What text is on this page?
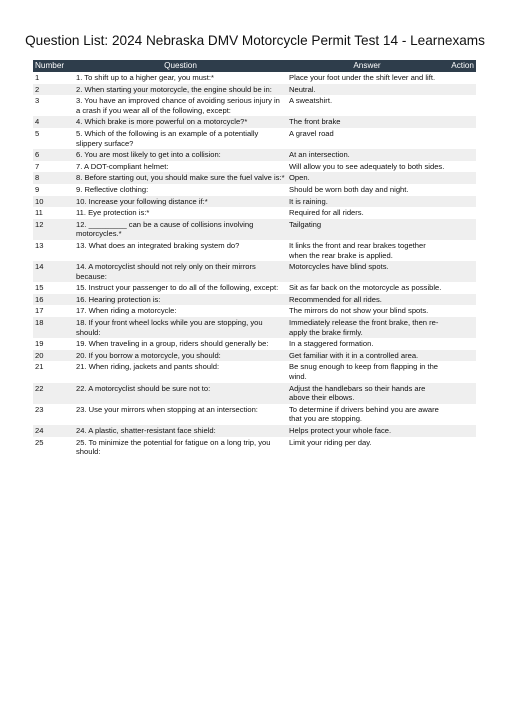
Question List: 2024 Nebraska DMV Motorcycle Permit Test 14 - Learnexams
Number	Question	Answer	Action
1	1. To shift up to a higher gear, you must:*	Place your foot under the shift lever and lift.	
2	2. When starting your motorcycle, the engine should be in:	Neutral.	
3	3. You have an improved chance of avoiding serious injury in a crash if you wear all of the following, except:	A sweatshirt.	
4	4. Which brake is more powerful on a motorcycle?*	The front brake	
5	5. Which of the following is an example of a potentially slippery surface?	A gravel road	
6	6. You are most likely to get into a collision:	At an intersection.	
7	7. A DOT-compliant helmet:	Will allow you to see adequately to both sides.	
8	8. Before starting out, you should make sure the fuel valve is:*	Open.	
9	9. Reflective clothing:	Should be worn both day and night.	
10	10. Increase your following distance if:*	It is raining.	
11	11. Eye protection is:*	Required for all riders.	
12	12. _________ can be a cause of collisions involving motorcycles.*	Tailgating	
13	13. What does an integrated braking system do?	It links the front and rear brakes together when the rear brake is applied.	
14	14. A motorcyclist should not rely only on their mirrors because:	Motorcycles have blind spots.	
15	15. Instruct your passenger to do all of the following, except:	Sit as far back on the motorcycle as possible.	
16	16. Hearing protection is:	Recommended for all rides.	
17	17. When riding a motorcycle:	The mirrors do not show your blind spots.	
18	18. If your front wheel locks while you are stopping, you should:	Immediately release the front brake, then re-apply the brake firmly.	
19	19. When traveling in a group, riders should generally be:	In a staggered formation.	
20	20. If you borrow a motorcycle, you should:	Get familiar with it in a controlled area.	
21	21. When riding, jackets and pants should:	Be snug enough to keep from flapping in the wind.	
22	22. A motorcyclist should be sure not to:	Adjust the handlebars so their hands are above their elbows.	
23	23. Use your mirrors when stopping at an intersection:	To determine if drivers behind you are aware that you are stopping.	
24	24. A plastic, shatter-resistant face shield:	Helps protect your whole face.	
25	25. To minimize the potential for fatigue on a long trip, you should:	Limit your riding per day.	
